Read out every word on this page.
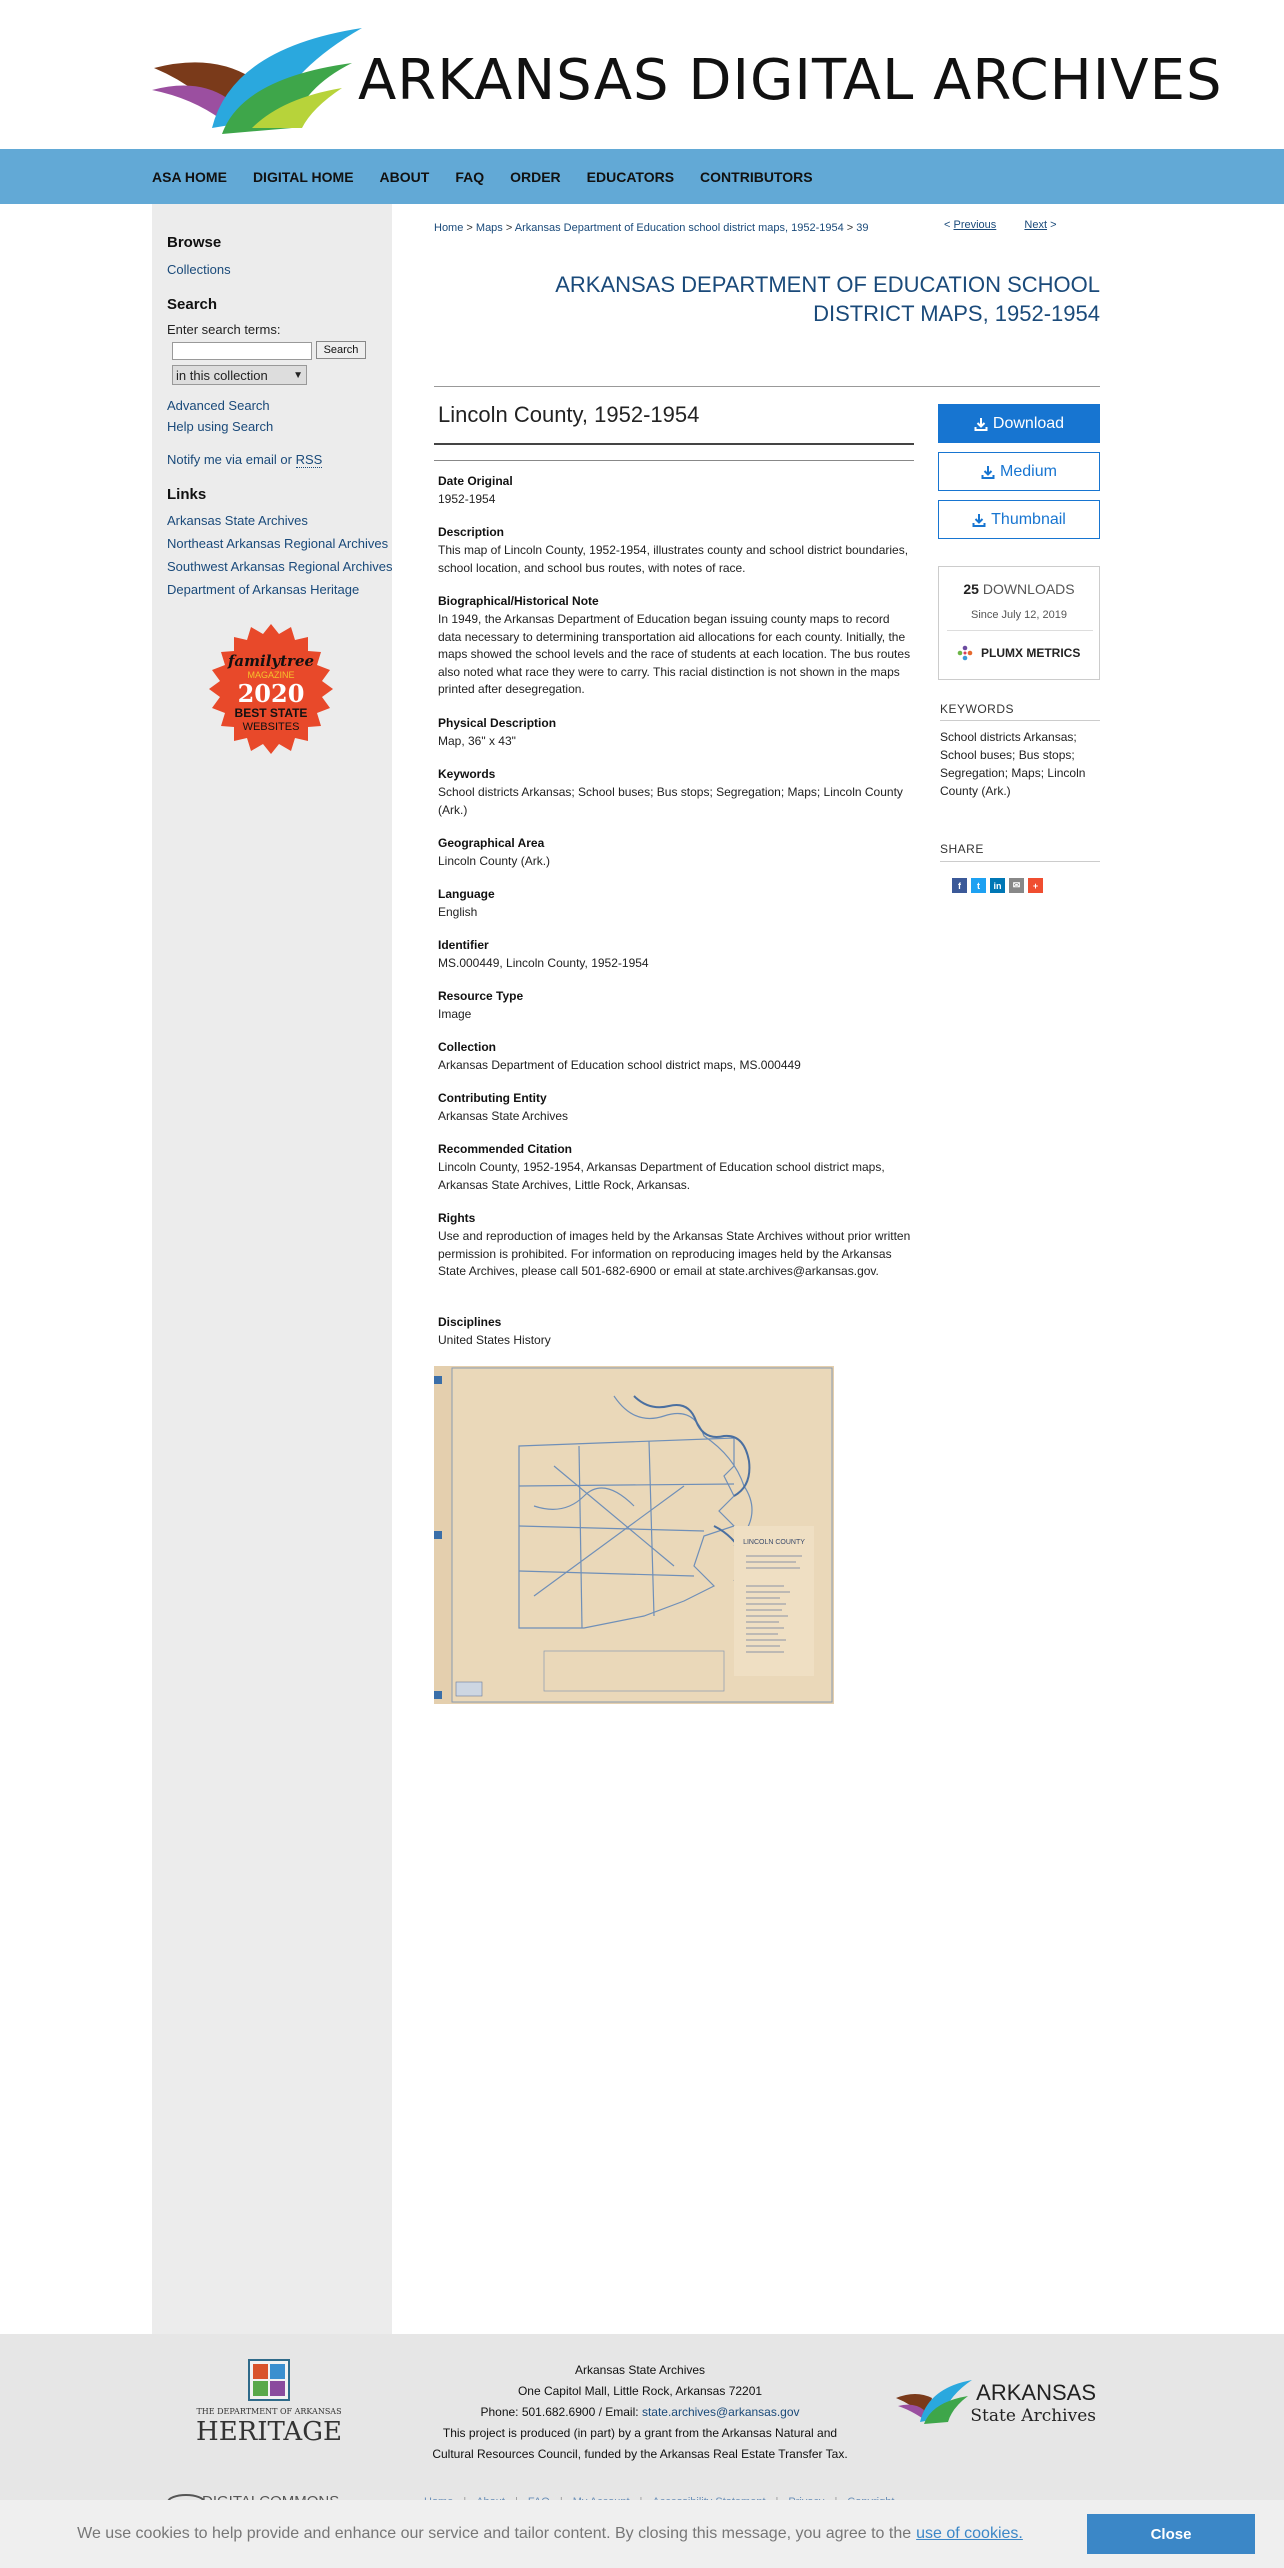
ARKANSAS DIGITAL ARCHIVES
ASA HOME DIGITAL HOME ABOUT FAQ ORDER EDUCATORS CONTRIBUTORS
Browse
Collections
Search
Enter search terms:
Search
in this collection	▼
Advanced Search
Help using Search
Notify me via email or RSS
Links
Arkansas State Archives
Northeast Arkansas Regional Archives
Southwest Arkansas Regional Archives
Department of Arkansas Heritage
familytree
MAGAZINE
2020
BEST STATE
WEBSITES
Home > Maps > Arkansas Department of Education school district maps, 1952-1954 > 39	< Previous	Next >
ARKANSAS DEPARTMENT OF EDUCATION SCHOOL DISTRICT MAPS, 1952-1954
Lincoln County, 1952-1954
Date Original

1952-1954

Description

This map of Lincoln County, 1952-1954, illustrates county and school district boundaries, school location, and school bus routes, with notes of race.

Biographical/Historical Note

In 1949, the Arkansas Department of Education began issuing county maps to record data necessary to determining transportation aid allocations for each county. Initially, the maps showed the school levels and the race of students at each location. The bus routes also noted what race they were to carry. This racial distinction is not shown in the maps printed after desegregation.

Physical Description

Map, 36" x 43"

Keywords

School districts Arkansas; School buses; Bus stops; Segregation; Maps; Lincoln County (Ark.)

Geographical Area

Lincoln County (Ark.)

Language

English

Identifier

MS.000449, Lincoln County, 1952-1954

Resource Type

Image

Collection

Arkansas Department of Education school district maps, MS.000449

Contributing Entity

Arkansas State Archives

Recommended Citation

Lincoln County, 1952-1954, Arkansas Department of Education school district maps, Arkansas State Archives, Little Rock, Arkansas.

Rights

Use and reproduction of images held by the Arkansas State Archives without prior written permission is prohibited. For information on reproducing images held by the Arkansas State Archives, please call 501-682-6900 or email at state.archives@arkansas.gov.

Disciplines

United States History

LINCOLN COUNTY
Download
Medium
Thumbnail
25 DOWNLOADS
Since July 12, 2019
PLUMX METRICS
KEYWORDS
School districts Arkansas; School buses; Bus stops; Segregation; Maps; Lincoln County (Ark.)
SHARE
f	t	in	✉	+
THE DEPARTMENT OF ARKANSAS
HERITAGE
Arkansas State Archives
One Capitol Mall, Little Rock, Arkansas 72201
Phone: 501.682.6900 / Email: state.archives@arkansas.gov
This project is produced (in part) by a grant from the Arkansas Natural and
Cultural Resources Council, funded by the Arkansas Real Estate Transfer Tax.
ARKANSAS
State Archives
We use cookies to help provide and enhance our service and tailor content. By closing this message, you agree to the use of cookies.	Close
